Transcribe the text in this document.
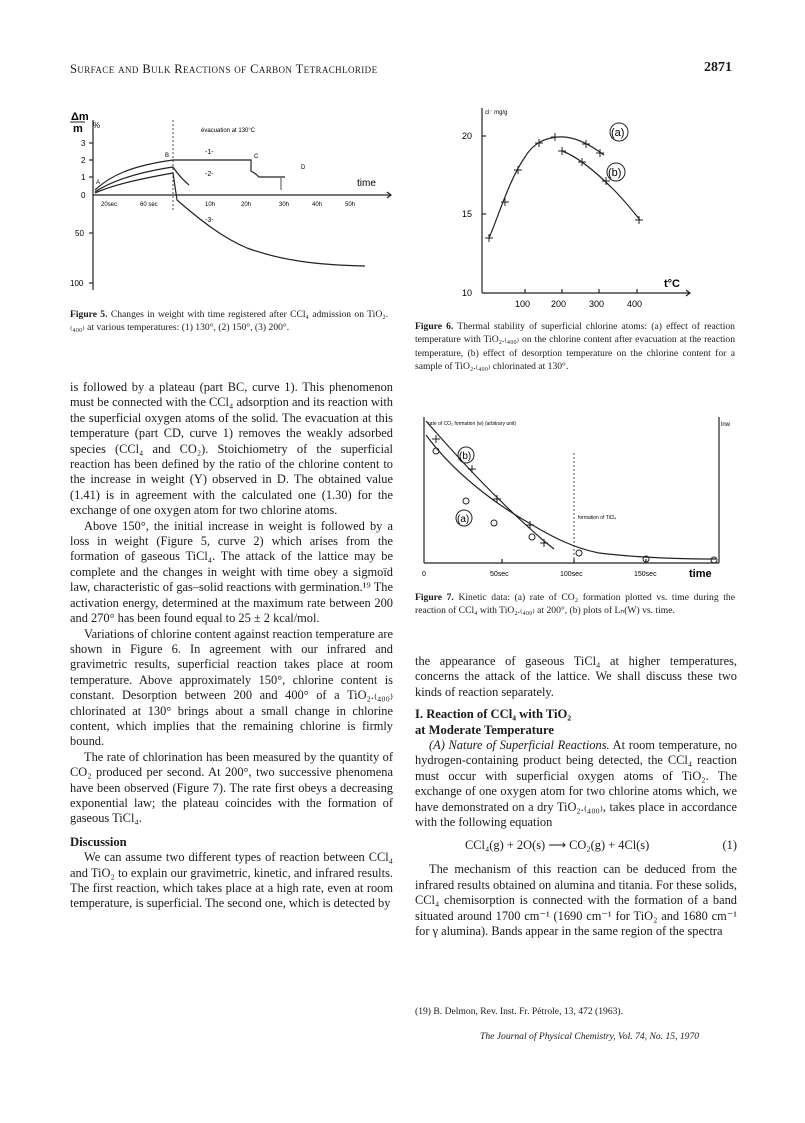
Surface and Bulk Reactions of Carbon Tetrachloride	2871
Δm
m %
3
2
1
0
50
100
évacuation at 130°C
20sec	60 sec	10h	20h	30h	40h	50h
time
A
B	C
D
-1-
-2-
-3-
Figure 5. Changes in weight with time registered after CCl₄ admission on TiO₂.₍₄₀₀₎ at various temperatures: (1) 130°, (2) 150°, (3) 200°.
cl⁻ mg/g
20
15
10
100 200	300	400
t°C
(a)
(b)
Figure 6. Thermal stability of superficial chlorine atoms: (a) effect of reaction temperature with TiO₂.₍₄₀₀₎ on the chlorine content after evacuation at the reaction temperature, (b) effect of desorption temperature on the chlorine content for a sample of TiO₂.₍₄₀₀₎ chlorinated at 130°.
rate of CO₂ formation (w) (arbitrary unit)	lnw
formation of TiCl₄
(b)
(a)
0	50sec	100sec	150sec	time
Figure 7. Kinetic data: (a) rate of CO₂ formation plotted vs. time during the reaction of CCl₄ with TiO₂.₍₄₀₀₎ at 200°, (b) plots of Lₙ(W) vs. time.

is followed by a plateau (part BC, curve 1). This phenomenon must be connected with the CCl₄ adsorption and its reaction with the superficial oxygen atoms of the solid. The evacuation at this temperature (part CD, curve 1) removes the weakly adsorbed species (CCl₄ and CO₂). Stoichiometry of the superficial reaction has been defined by the ratio of the chlorine content to the increase in weight (Y) observed in D. The obtained value (1.41) is in agreement with the calculated one (1.30) for the exchange of one oxygen atom for two chlorine atoms.

Above 150°, the initial increase in weight is followed by a loss in weight (Figure 5, curve 2) which arises from the formation of gaseous TiCl₄. The attack of the lattice may be complete and the changes in weight with time obey a sigmoïd law, characteristic of gas–solid reactions with germination.¹⁹ The activation energy, determined at the maximum rate between 200 and 270° has been found equal to 25 ± 2 kcal/mol.

Variations of chlorine content against reaction temperature are shown in Figure 6. In agreement with our infrared and gravimetric results, superficial reaction takes place at room temperature. Above approximately 150°, chlorine content is constant. Desorption between 200 and 400° of a TiO₂.₍₄₀₀₎ chlorinated at 130° brings about a small change in chlorine content, which implies that the remaining chlorine is firmly bound.

The rate of chlorination has been measured by the quantity of CO₂ produced per second. At 200°, two successive phenomena have been observed (Figure 7). The rate first obeys a decreasing exponential law; the plateau coincides with the formation of gaseous TiCl₄.

Discussion

We can assume two different types of reaction between CCl₄ and TiO₂ to explain our gravimetric, kinetic, and infrared results. The first reaction, which takes place at a high rate, even at room temperature, is superficial. The second one, which is detected by

the appearance of gaseous TiCl₄ at higher temperatures, concerns the attack of the lattice. We shall discuss these two kinds of reaction separately.

I. Reaction of CCl₄ with TiO₂

at Moderate Temperature

(A) Nature of Superficial Reactions. At room temperature, no hydrogen-containing product being detected, the CCl₄ reaction must occur with superficial oxygen atoms of TiO₂. The exchange of one oxygen atom for two chlorine atoms which, we have demonstrated on a dry TiO₂.₍₄₀₀₎, takes place in accordance with the following equation

CCl₄(g) + 2O(s) ⟶ CO₂(g) + 4Cl(s)	(1)

The mechanism of this reaction can be deduced from the infrared results obtained on alumina and titania. For these solids, CCl₄ chemisorption is connected with the formation of a band situated around 1700 cm⁻¹ (1690 cm⁻¹ for TiO₂ and 1680 cm⁻¹ for γ alumina). Bands appear in the same region of the spectra

(19) B. Delmon, Rev. Inst. Fr. Pétrole, 13, 472 (1963).
The Journal of Physical Chemistry, Vol. 74, No. 15, 1970
